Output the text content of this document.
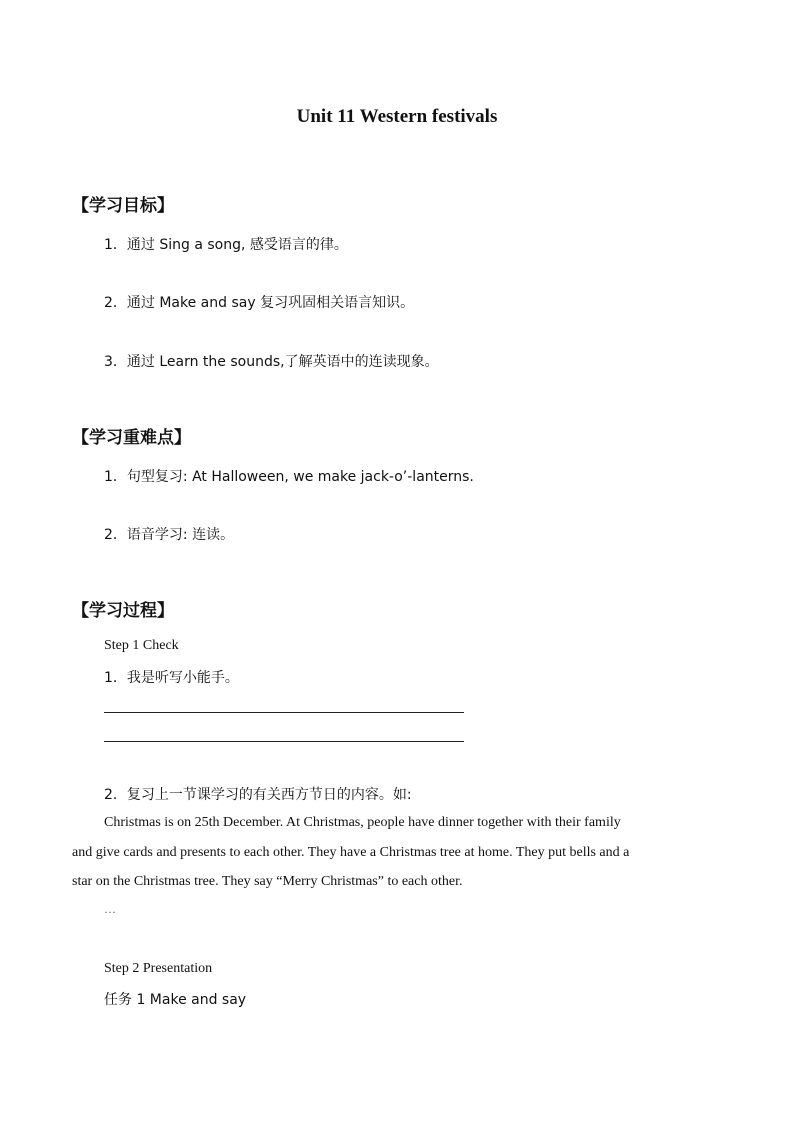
Unit 11 Western festivals
【学习目标】
1．通过 Sing a song, 感受语言的律。
2．通过 Make and say 复习巩固相关语言知识。
3．通过 Learn the sounds,了解英语中的连读现象。
【学习重难点】
1．句型复习: At Halloween, we make jack-o’-lanterns.
2．语音学习: 连读。
【学习过程】
Step 1 Check
1．我是听写小能手。
2．复习上一节课学习的有关西方节日的内容。如:
Christmas is on 25th December. At Christmas, people have dinner together with their family
and give cards and presents to each other. They have a Christmas tree at home. They put bells and a
star on the Christmas tree. They say “Merry Christmas” to each other.
…
Step 2 Presentation
任务 1 Make and say
